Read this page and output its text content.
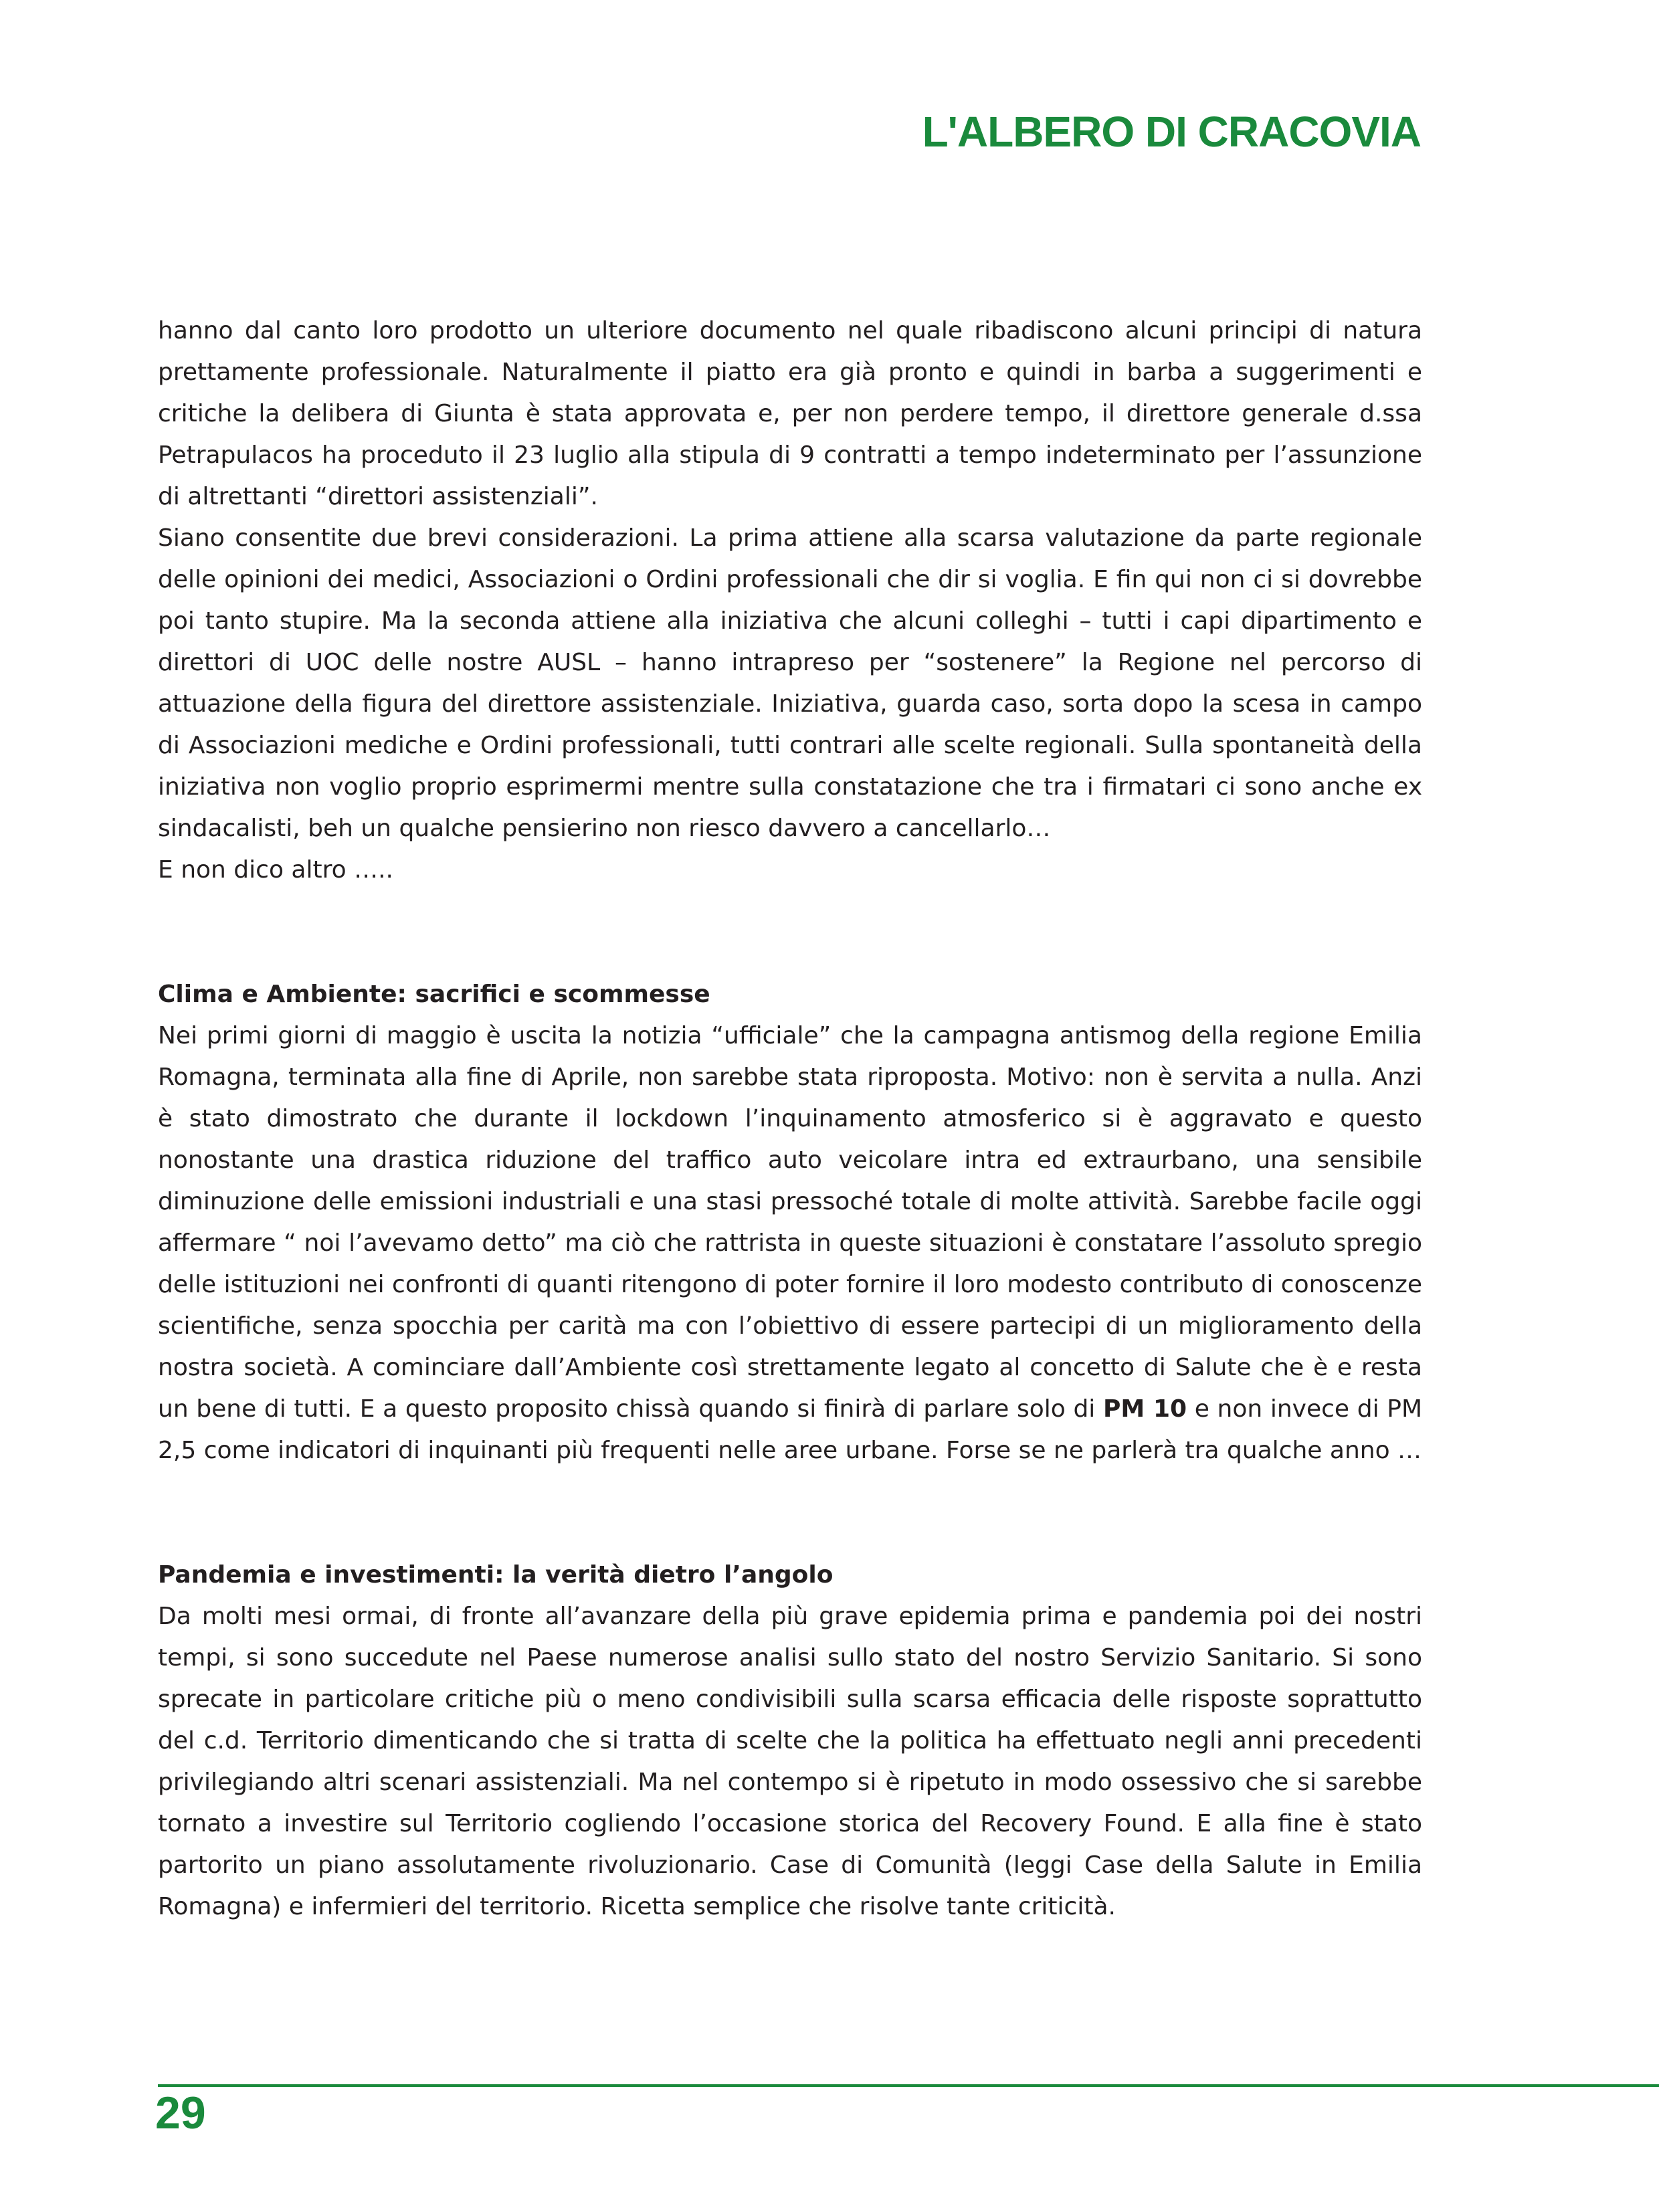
L'ALBERO DI CRACOVIA

hanno dal canto loro prodotto un ulteriore documento nel quale ribadiscono alcuni principi di natura prettamente professionale. Naturalmente il piatto era già pronto e quindi in barba a suggerimenti e critiche la delibera di Giunta è stata approvata e, per non perdere tempo, il direttore generale d.ssa Petrapulacos ha proceduto il 23 luglio alla stipula di 9 contratti a tempo indeterminato per l’assunzione di altrettanti “direttori assistenziali”.

Siano consentite due brevi considerazioni. La prima attiene alla scarsa valutazione da parte regionale delle opinioni dei medici, Associazioni o Ordini professionali che dir si voglia. E fin qui non ci si dovrebbe poi tanto stupire. Ma la seconda attiene alla iniziativa che alcuni colleghi – tutti i capi dipartimento e direttori di UOC delle nostre AUSL – hanno intrapreso per “sostenere” la Regione nel percorso di attuazione della figura del direttore assistenziale. Iniziativa, guarda caso, sorta dopo la scesa in campo di Associazioni mediche e Ordini professionali, tutti contrari alle scelte regionali. Sulla spontaneità della iniziativa non voglio proprio esprimermi mentre sulla constatazione che tra i firmatari ci sono anche ex sindacalisti, beh un qualche pensierino non riesco davvero a cancellarlo…

E non dico altro …..

Clima e Ambiente: sacrifici e scommesse

Nei primi giorni di maggio è uscita la notizia “ufficiale” che la campagna antismog della regione Emilia Romagna, terminata alla fine di Aprile, non sarebbe stata riproposta. Motivo: non è servita a nulla. Anzi è stato dimostrato che durante il lockdown l’inquinamento atmosferico si è aggravato e questo nonostante una drastica riduzione del traffico auto veicolare intra ed extraurbano, una sensibile diminuzione delle emissioni industriali e una stasi pressoché totale di molte attività. Sarebbe facile oggi affermare “ noi l’avevamo detto” ma ciò che rattrista in queste situazioni è constatare l’assoluto spregio delle istituzioni nei confronti di quanti ritengono di poter fornire il loro modesto contributo di conoscenze scientifiche, senza spocchia per carità ma con l’obiettivo di essere partecipi di un miglioramento della nostra società. A cominciare dall’Ambiente così strettamente legato al concetto di Salute che è e resta un bene di tutti. E a questo proposito chissà quando si finirà di parlare solo di PM 10 e non invece di PM 2,5 come indicatori di inquinanti più frequenti nelle aree urbane. Forse se ne parlerà tra qualche anno …

Pandemia e investimenti: la verità dietro l’angolo

Da molti mesi ormai, di fronte all’avanzare della più grave epidemia prima e pandemia poi dei nostri tempi, si sono succedute nel Paese numerose analisi sullo stato del nostro Servizio Sanitario. Si sono sprecate in particolare critiche più o meno condivisibili sulla scarsa efficacia delle risposte soprattutto del c.d. Territorio dimenticando che si tratta di scelte che la politica ha effettuato negli anni precedenti privilegiando altri scenari assistenziali. Ma nel contempo si è ripetuto in modo ossessivo che si sarebbe tornato a investire sul Territorio cogliendo l’occasione storica del Recovery Found. E alla fine è stato partorito un piano assolutamente rivoluzionario. Case di Comunità (leggi Case della Salute in Emilia Romagna) e infermieri del territorio. Ricetta semplice che risolve tante criticità.

29
